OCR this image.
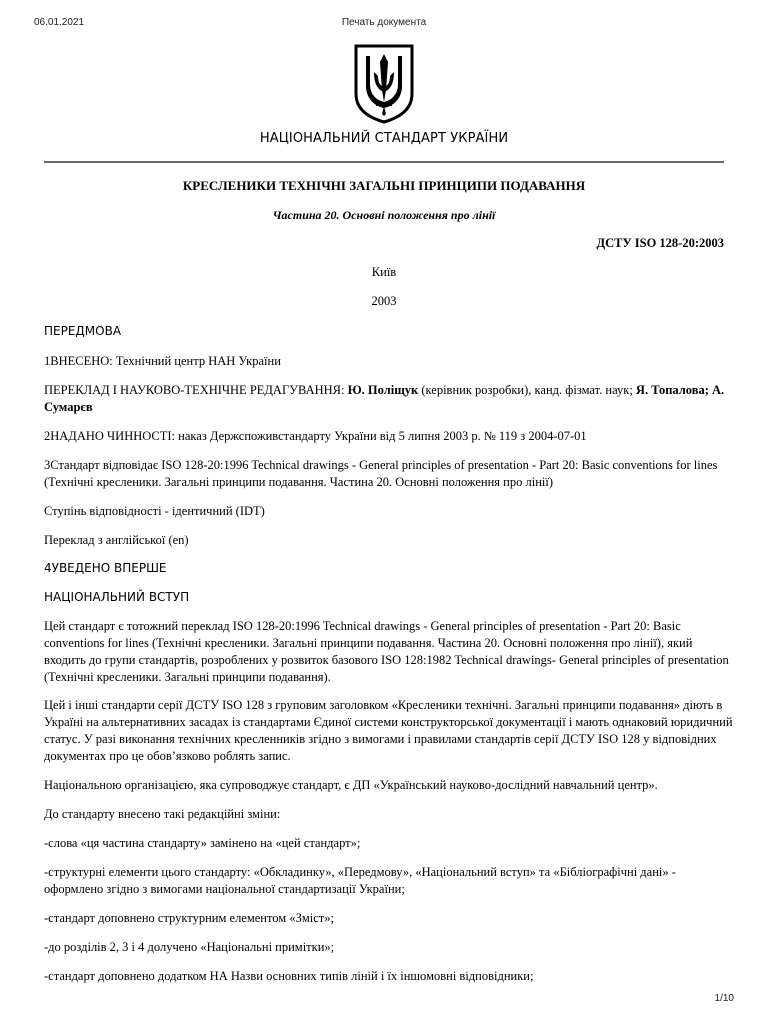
06.01.2021	Печать документа
НАЦІОНАЛЬНИЙ СТАНДАРТ УКРАЇНИ
КРЕСЛЕНИКИ ТЕХНІЧНІ ЗАГАЛЬНІ ПРИНЦИПИ ПОДАВАННЯ
Частина 20. Основні положення про лінії
ДСТУ ISO 128-20:2003
Київ
2003
ПЕРЕДМОВА
1ВНЕСЕНО: Технічний центр НАН України
ПЕРЕКЛАД І НАУКОВО-ТЕХНІЧНЕ РЕДАГУВАННЯ: Ю. Поліщук (керівник розробки), канд. фізмат. наук; Я. Топалова; А. Сумарєв
2НАДАНО ЧИННОСТІ: наказ Держспоживстандарту України від 5 липня 2003 р. № 119 з 2004-07-01
3Стандарт відповідає ISO 128-20:1996 Technical drawings - General principles of presentation - Part 20: Basic conventions for lines (Технічні кресленики. Загальні принципи подавання. Частина 20. Основні положення про лінії)
Ступінь відповідності - ідентичний (IDT)
Переклад з англійської (en)
4УВЕДЕНО ВПЕРШЕ
НАЦІОНАЛЬНИЙ ВСТУП
Цей стандарт є тотожний переклад ISO 128-20:1996 Technical drawings - General principles of presentation - Part 20: Basic conventions for lines (Технічні кресленики. Загальні принципи подавання. Частина 20. Основні положення про лінії), який входить до групи стандартів, розроблених у розвиток базового ISO 128:1982 Technical drawings- General principles of presentation (Технічні кресленики. Загальні принципи подавання).
Цей і інші стандарти серії ДСТУ ISO 128 з груповим заголовком «Кресленики технічні. Загальні принципи подавання» діють в Україні на альтернативних засадах із стандартами Єдиної системи конструкторської документації і мають однаковий юридичний статус. У разі виконання технічних кресленників згідно з вимогами і правилами стандартів серії ДСТУ ISO 128 у відповідних документах про це обов’язково роблять запис.
Національною організацією, яка супроводжує стандарт, є ДП «Український науково-дослідний навчальний центр».
До стандарту внесено такі редакційні зміни:
-слова «ця частина стандарту» замінено на «цей стандарт»;
-структурні елементи цього стандарту: «Обкладинку», «Передмову», «Національний вступ» та «Бібліографічні дані» - оформлено згідно з вимогами національної стандартизації України;
-стандарт доповнено структурним елементом «Зміст»;
-до розділів 2, 3 і 4 долучено «Національні примітки»;
-стандарт доповнено додатком НА Назви основних типів ліній і їх іншомовні відповідники;
1/10
